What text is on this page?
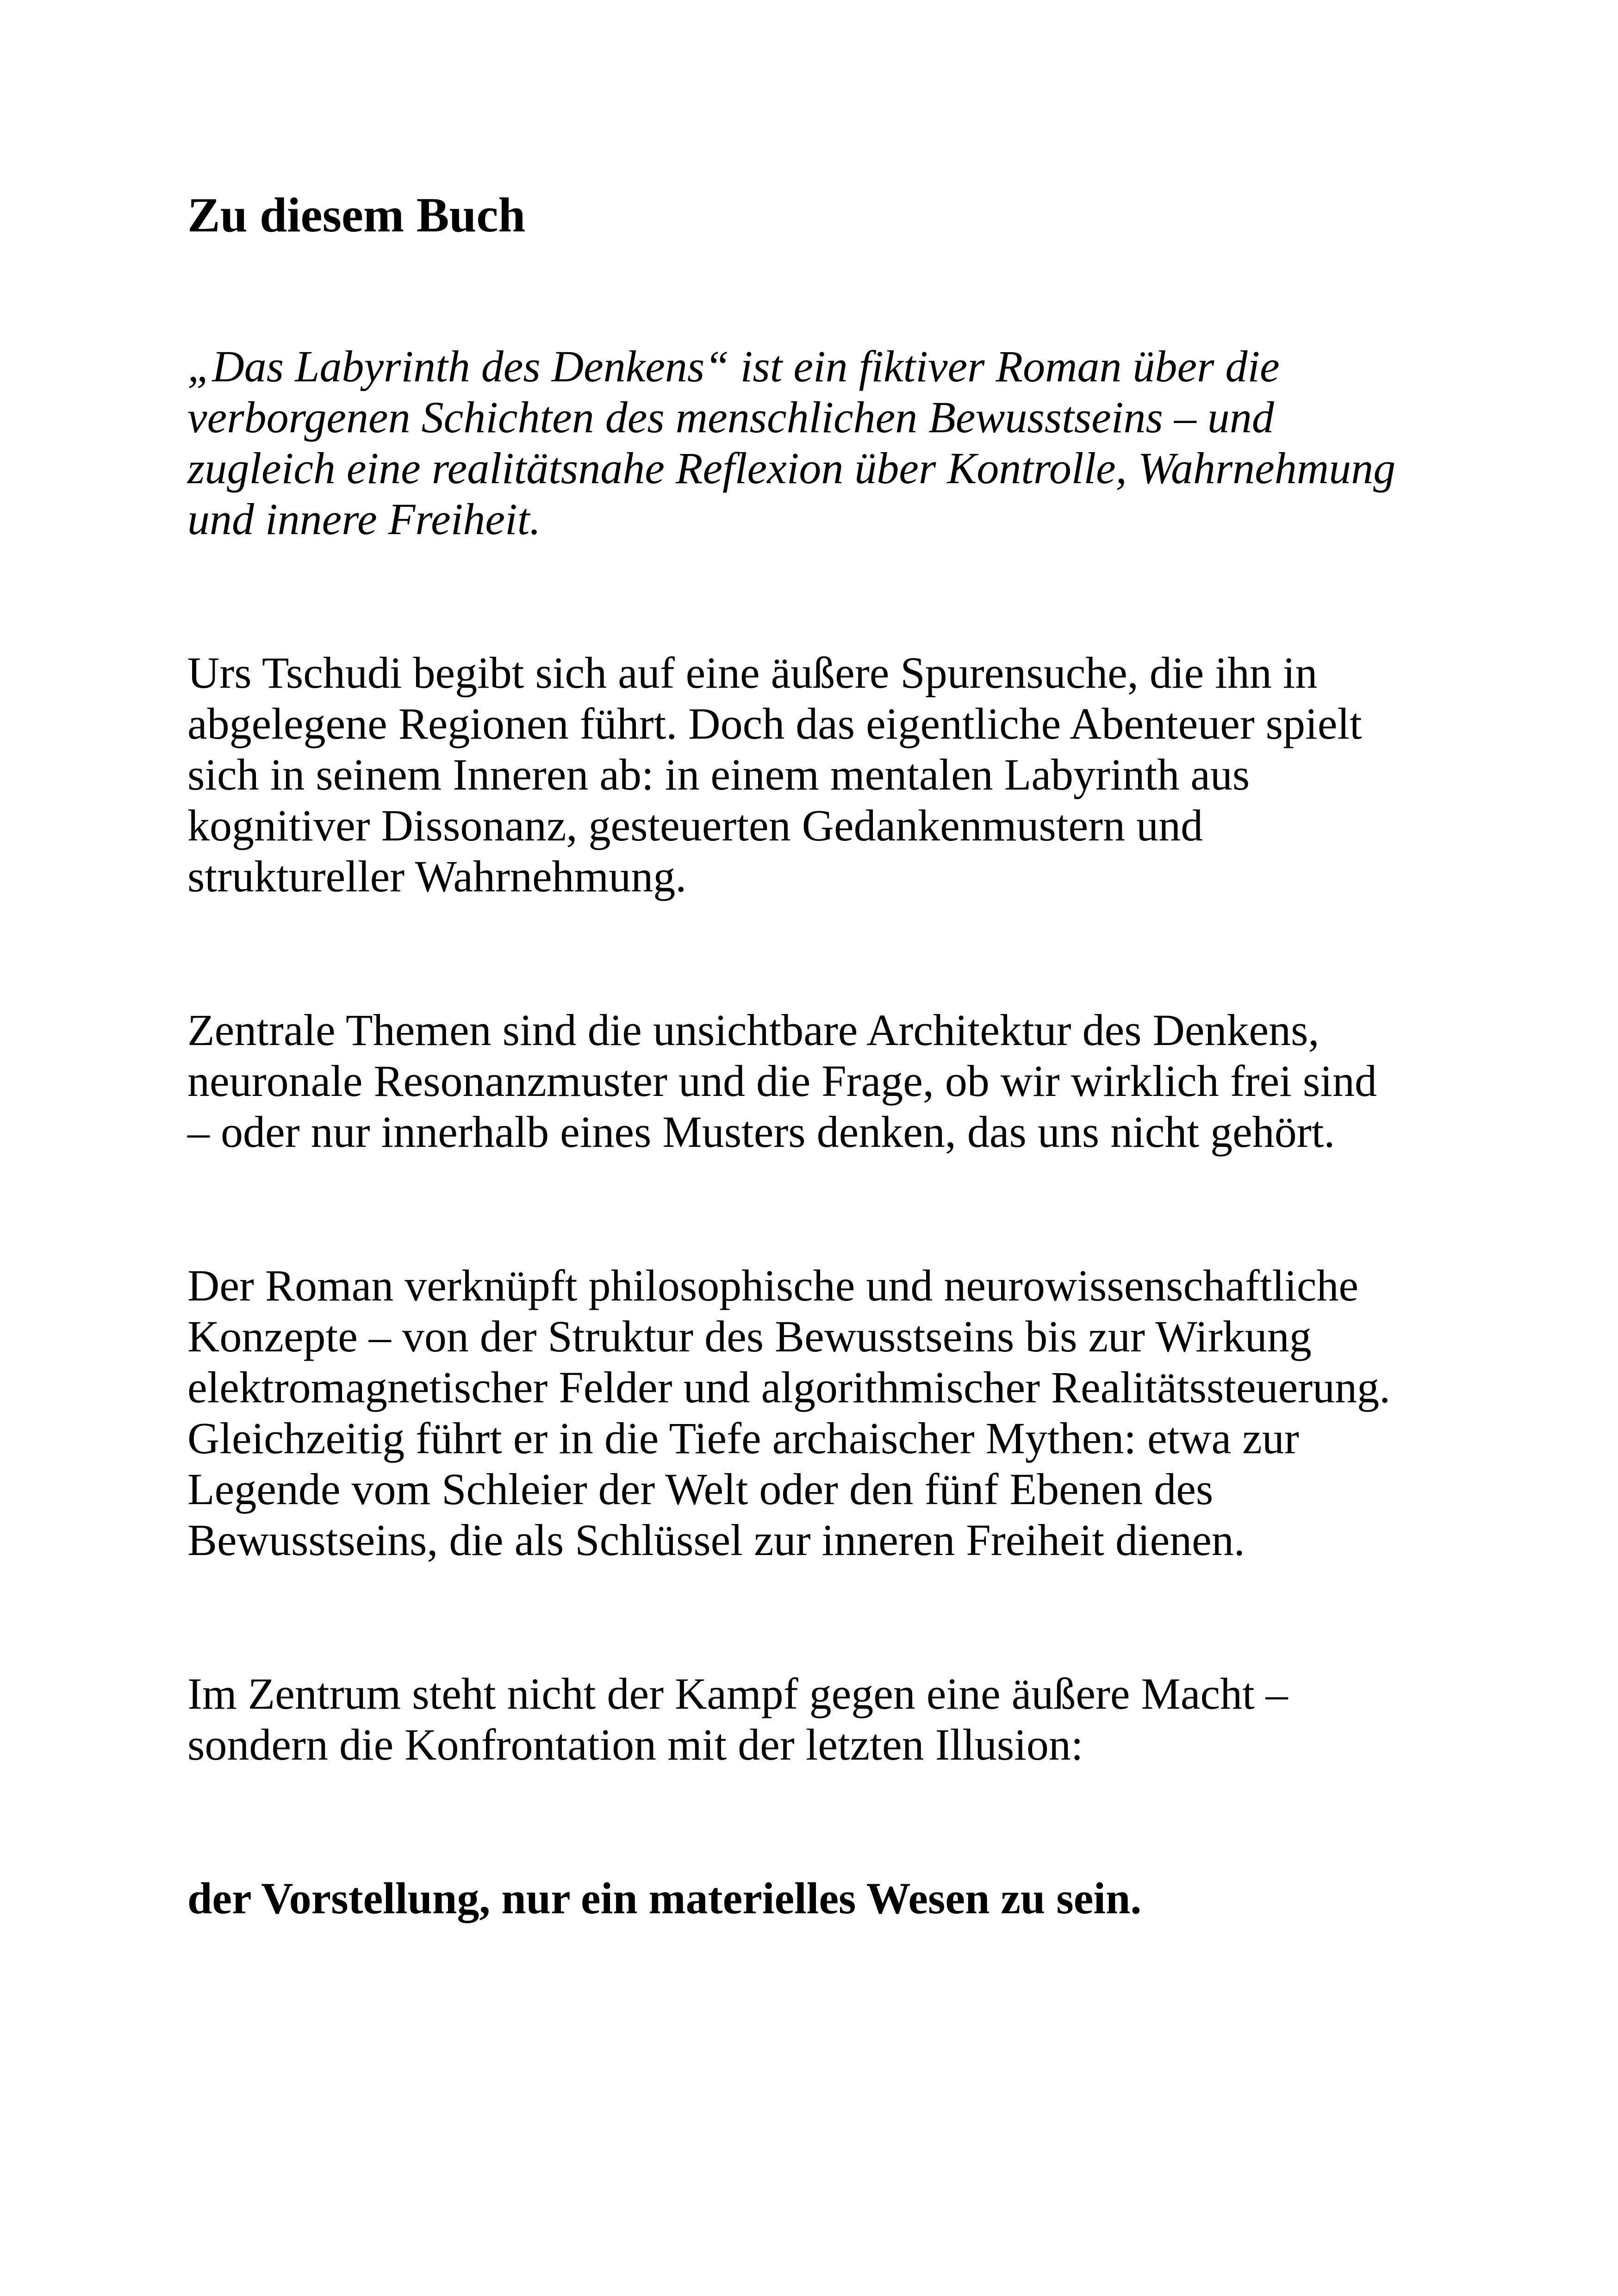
Zu diesem Buch

„Das Labyrinth des Denkens“ ist ein fiktiver Roman über die
verborgenen Schichten des menschlichen Bewusstseins – und
zugleich eine realitätsnahe Reflexion über Kontrolle, Wahrnehmung
und innere Freiheit.

Urs Tschudi begibt sich auf eine äußere Spurensuche, die ihn in
abgelegene Regionen führt. Doch das eigentliche Abenteuer spielt
sich in seinem Inneren ab: in einem mentalen Labyrinth aus
kognitiver Dissonanz, gesteuerten Gedankenmustern und
struktureller Wahrnehmung.

Zentrale Themen sind die unsichtbare Architektur des Denkens,
neuronale Resonanzmuster und die Frage, ob wir wirklich frei sind
– oder nur innerhalb eines Musters denken, das uns nicht gehört.

Der Roman verknüpft philosophische und neurowissenschaftliche
Konzepte – von der Struktur des Bewusstseins bis zur Wirkung
elektromagnetischer Felder und algorithmischer Realitätssteuerung.
Gleichzeitig führt er in die Tiefe archaischer Mythen: etwa zur
Legende vom Schleier der Welt oder den fünf Ebenen des
Bewusstseins, die als Schlüssel zur inneren Freiheit dienen.

Im Zentrum steht nicht der Kampf gegen eine äußere Macht –
sondern die Konfrontation mit der letzten Illusion:

der Vorstellung, nur ein materielles Wesen zu sein.
